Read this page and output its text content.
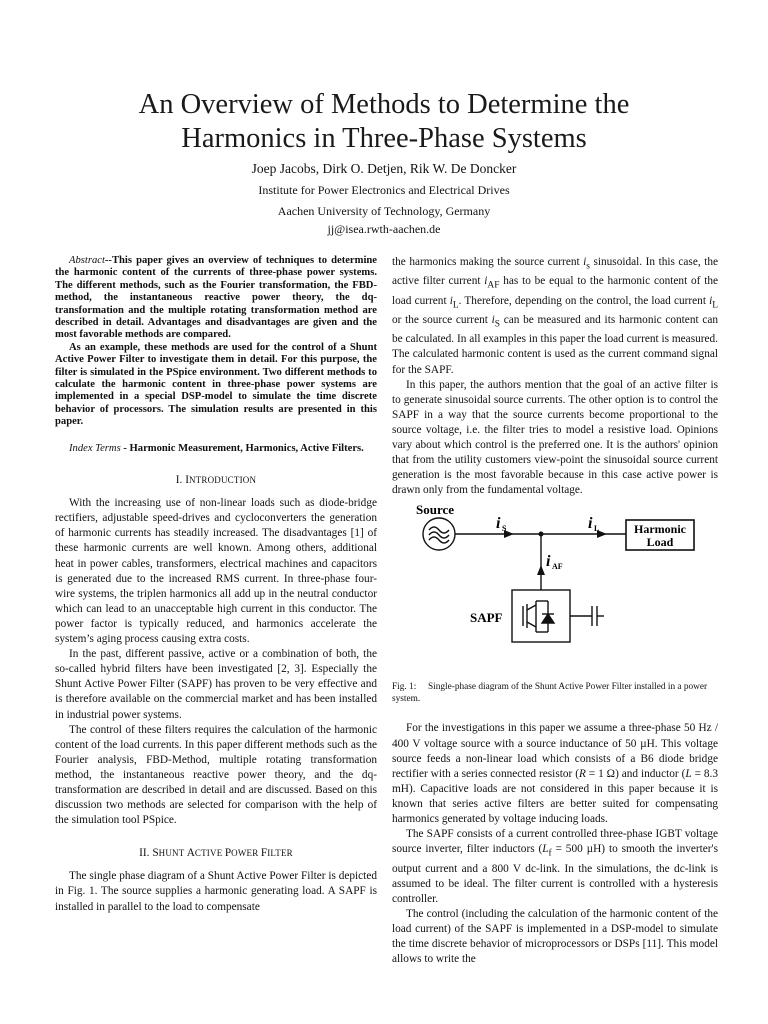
An Overview of Methods to Determine the
Harmonics in Three-Phase Systems
Joep Jacobs, Dirk O. Detjen, Rik W. De Doncker
Institute for Power Electronics and Electrical Drives
Aachen University of Technology, Germany
jj@isea.rwth-aachen.de

Abstract--This paper gives an overview of techniques to determine the harmonic content of the currents of three-phase power systems. The different methods, such as the Fourier transformation, the FBD-method, the instantaneous reactive power theory, the dq-transformation and the multiple rotating transformation method are described in detail. Advantages and disadvantages are given and the most favorable methods are compared.

As an example, these methods are used for the control of a Shunt Active Power Filter to investigate them in detail. For this purpose, the filter is simulated in the PSpice environment. Two different methods to calculate the harmonic content in three-phase power systems are implemented in a special DSP-model to simulate the time discrete behavior of processors. The simulation results are presented in this paper.

Index Terms - Harmonic Measurement, Harmonics, Active Filters.

I. INTRODUCTION

With the increasing use of non-linear loads such as diode-bridge rectifiers, adjustable speed-drives and cycloconverters the generation of harmonic currents has steadily increased. The disadvantages [1] of these harmonic currents are well known. Among others, additional heat in power cables, transformers, electrical machines and capacitors is generated due to the increased RMS current. In three-phase four-wire systems, the triplen harmonics all add up in the neutral conductor which can lead to an unacceptable high current in this conductor. The power factor is typically reduced, and harmonics accelerate the system’s aging process causing extra costs.

In the past, different passive, active or a combination of both, the so-called hybrid filters have been investigated [2, 3]. Especially the Shunt Active Power Filter (SAPF) has proven to be very effective and is therefore available on the commercial market and has been installed in industrial power systems.

The control of these filters requires the calculation of the harmonic content of the load currents. In this paper different methods such as the Fourier analysis, FBD-Method, multiple rotating transformation method, the instantaneous reactive power theory, and the dq-transformation are described in detail and are discussed. Based on this discussion two methods are selected for comparison with the help of the simulation tool PSpice.

II. SHUNT ACTIVE POWER FILTER

The single phase diagram of a Shunt Active Power Filter is depicted in Fig. 1. The source supplies a harmonic generating load. A SAPF is installed in parallel to the load to compensate

the harmonics making the source current $i_s$ sinusoidal. In this case, the active filter current $i_{AF}$ has to be equal to the harmonic content of the load current $i_L$. Therefore, depending on the control, the load current $i_L$ or the source current $i_S$ can be measured and its harmonic content can be calculated. In all examples in this paper the load current is measured. The calculated harmonic content is used as the current command signal for the SAPF.

In this paper, the authors mention that the goal of an active filter is to generate sinusoidal source currents. The other option is to control the SAPF in a way that the source currents become proportional to the source voltage, i.e. the filter tries to model a resistive load. Opinions vary about which control is the preferred one. It is the authors' opinion that from the utility customers view-point the sinusoidal source current generation is the most favorable because in this case active power is drawn only from the fundamental voltage.

Source
i S	i L
i AF
Harmonic
Load
SAPF

Fig. 1: Single-phase diagram of the Shunt Active Power Filter installed in a power system.

For the investigations in this paper we assume a three-phase 50 Hz / 400 V voltage source with a source inductance of 50 µH. This voltage source feeds a non-linear load which consists of a B6 diode bridge rectifier with a series connected resistor (R = 1 Ω) and inductor (L = 8.3 mH). Capacitive loads are not considered in this paper because it is known that series active filters are better suited for compensating harmonics generated by voltage inducing loads.

The SAPF consists of a current controlled three-phase IGBT voltage source inverter, filter inductors ($L_f = 500$ µH) to smooth the inverter's output current and a 800 V dc-link. In the simulations, the dc-link is assumed to be ideal. The filter current is controlled with a hysteresis controller.

The control (including the calculation of the harmonic content of the load current) of the SAPF is implemented in a DSP-model to simulate the time discrete behavior of microprocessors or DSPs [11]. This model allows to write the
